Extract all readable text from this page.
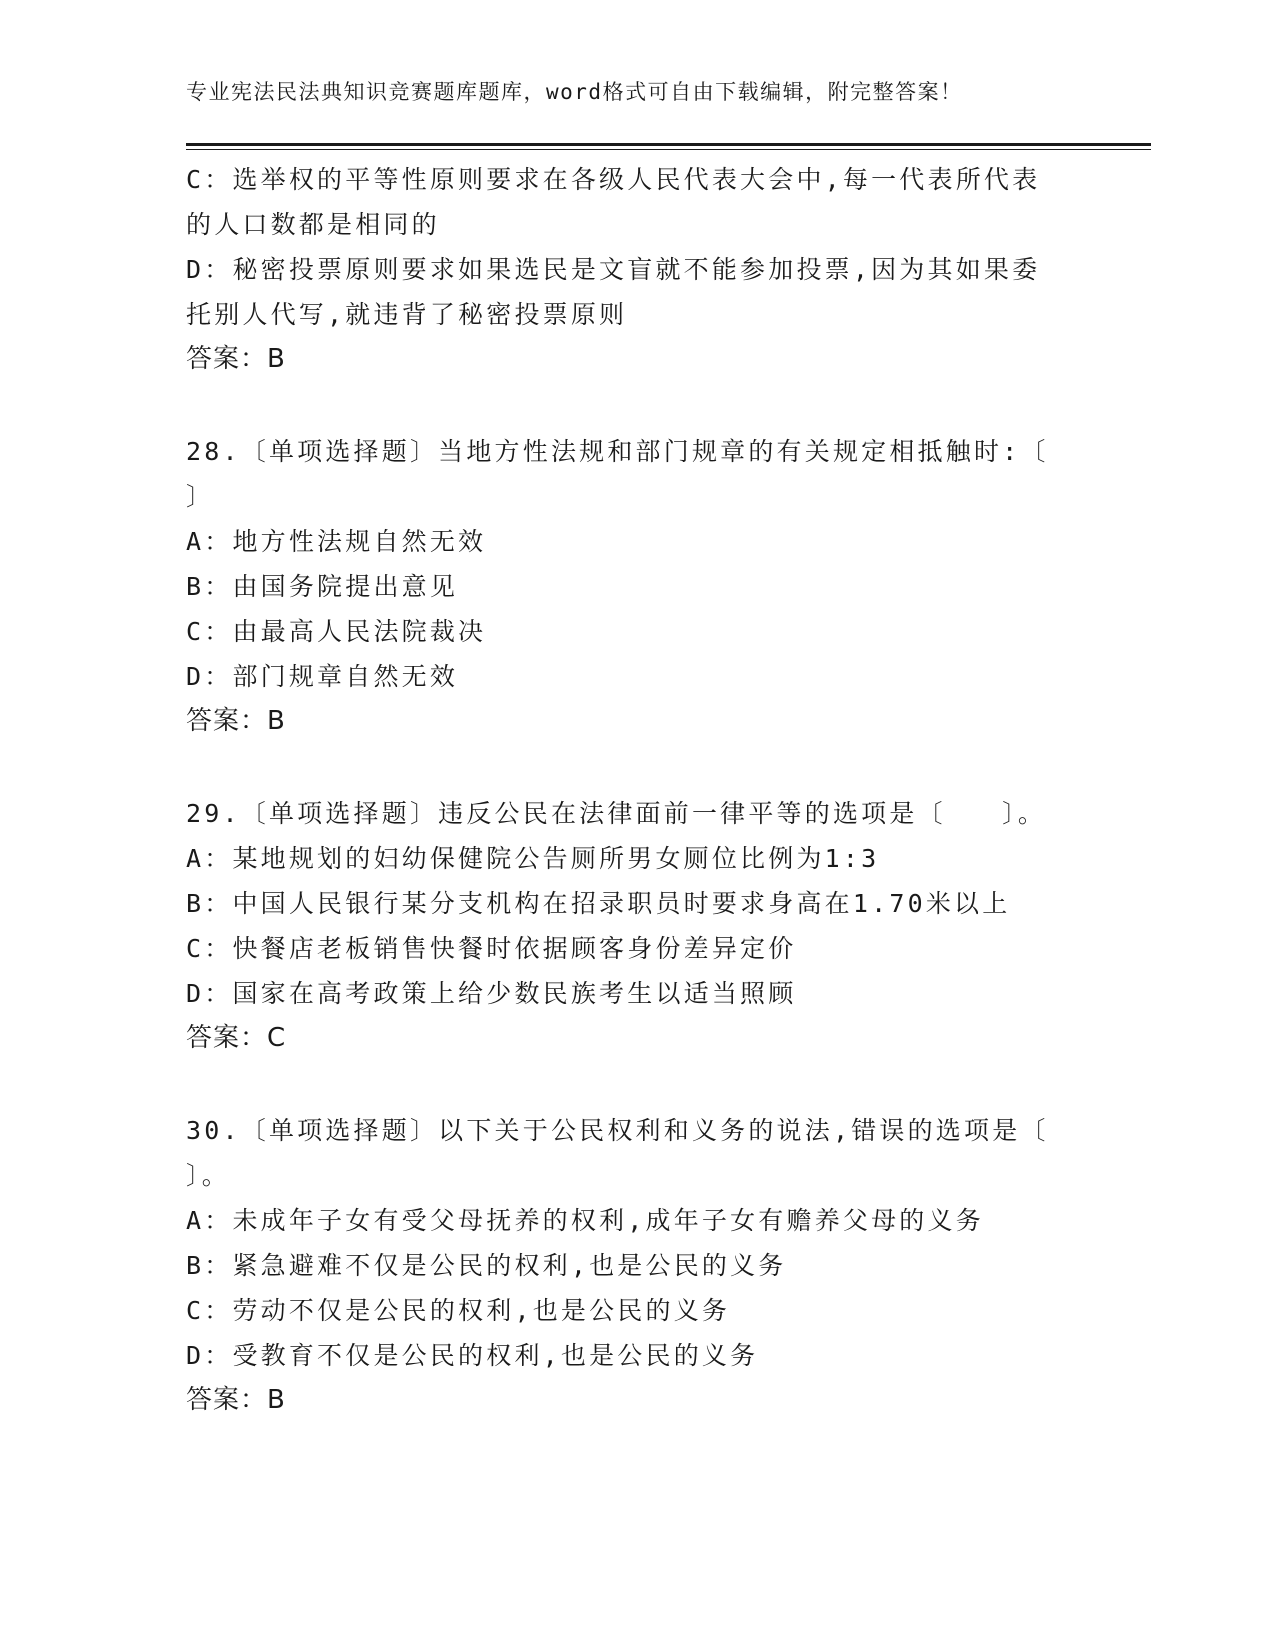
专业宪法民法典知识竞赛题库题库，word格式可自由下载编辑，附完整答案！
C：选举权的平等性原则要求在各级人民代表大会中,每一代表所代表
的人口数都是相同的
D：秘密投票原则要求如果选民是文盲就不能参加投票,因为其如果委
托别人代写,就违背了秘密投票原则
答案：B
28.〔单项选择题〕当地方性法规和部门规章的有关规定相抵触时:〔
〕
A：地方性法规自然无效
B：由国务院提出意见
C：由最高人民法院裁决
D：部门规章自然无效
答案：B
29.〔单项选择题〕违反公民在法律面前一律平等的选项是〔　　〕。
A：某地规划的妇幼保健院公告厕所男女厕位比例为1:3
B：中国人民银行某分支机构在招录职员时要求身高在1.70米以上
C：快餐店老板销售快餐时依据顾客身份差异定价
D：国家在高考政策上给少数民族考生以适当照顾
答案：C
30.〔单项选择题〕以下关于公民权利和义务的说法,错误的选项是〔
〕。
A：未成年子女有受父母抚养的权利,成年子女有赡养父母的义务
B：紧急避难不仅是公民的权利,也是公民的义务
C：劳动不仅是公民的权利,也是公民的义务
D：受教育不仅是公民的权利,也是公民的义务
答案：B
